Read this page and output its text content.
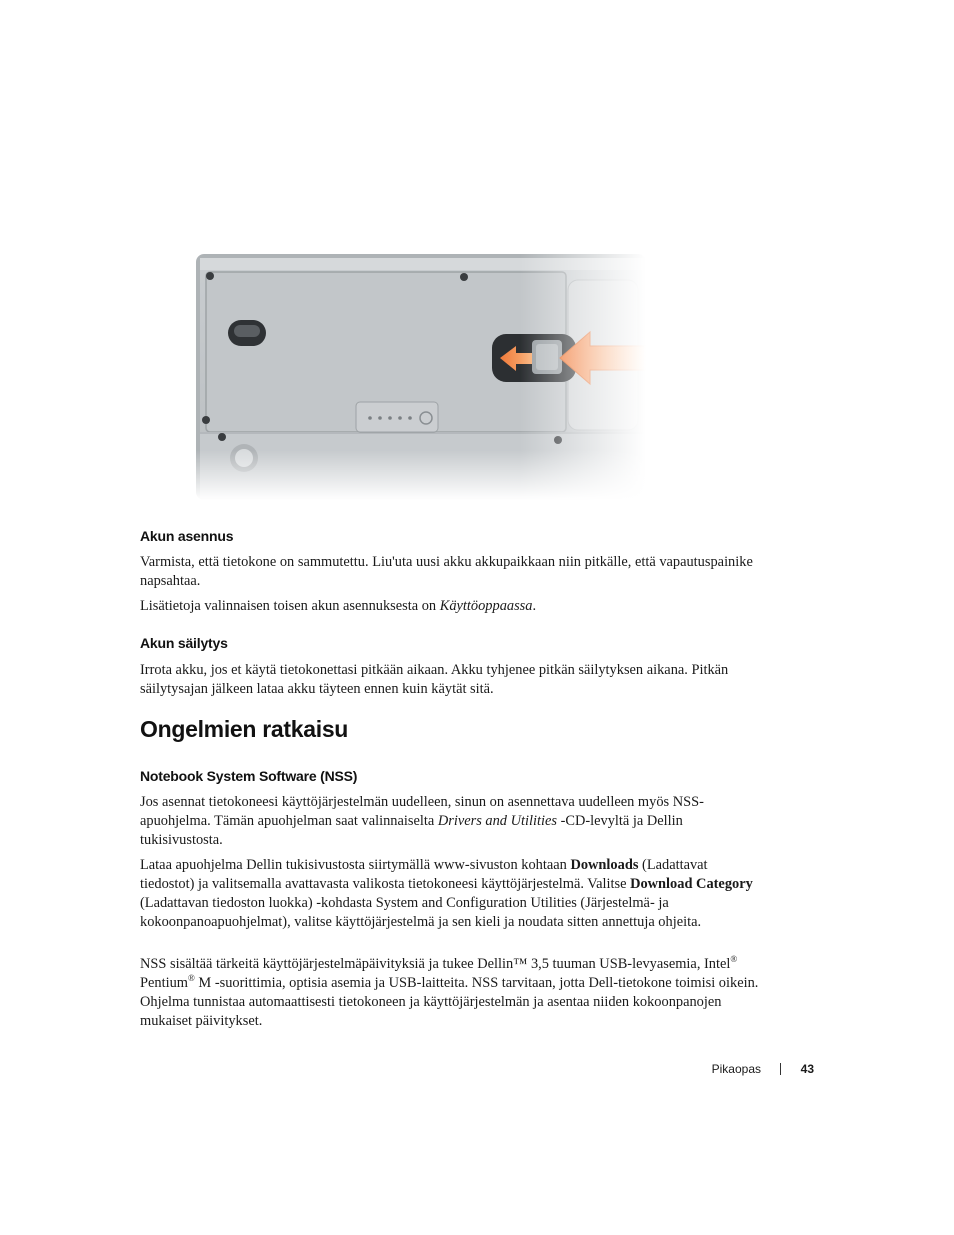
Akun asennus

Varmista, että tietokone on sammutettu. Liu'uta uusi akku akkupaikkaan niin pitkälle, että vapautuspainike napsahtaa.

Lisätietoja valinnaisen toisen akun asennuksesta on Käyttöoppaassa.

Akun säilytys

Irrota akku, jos et käytä tietokonettasi pitkään aikaan. Akku tyhjenee pitkän säilytyksen aikana. Pitkän säilytysajan jälkeen lataa akku täyteen ennen kuin käytät sitä.

Ongelmien ratkaisu
Notebook System Software (NSS)

Jos asennat tietokoneesi käyttöjärjestelmän uudelleen, sinun on asennettava uudelleen myös NSS-apuohjelma. Tämän apuohjelman saat valinnaiselta Drivers and Utilities -CD-levyltä ja Dellin tukisivustosta.

Lataa apuohjelma Dellin tukisivustosta siirtymällä www-sivuston kohtaan Downloads (Ladattavat tiedostot) ja valitsemalla avattavasta valikosta tietokoneesi käyttöjärjestelmä. Valitse Download Category (Ladattavan tiedoston luokka) -kohdasta System and Configuration Utilities (Järjestelmä- ja kokoonpanoapuohjelmat), valitse käyttöjärjestelmä ja sen kieli ja noudata sitten annettuja ohjeita.

NSS sisältää tärkeitä käyttöjärjestelmäpäivityksiä ja tukee Dellin™ 3,5 tuuman USB-levyasemia, Intel® Pentium® M -suorittimia, optisia asemia ja USB-laitteita. NSS tarvitaan, jotta Dell-tietokone toimisi oikein. Ohjelma tunnistaa automaattisesti tietokoneen ja käyttöjärjestelmän ja asentaa niiden kokoonpanojen mukaiset päivitykset.

Pikaopas	43
